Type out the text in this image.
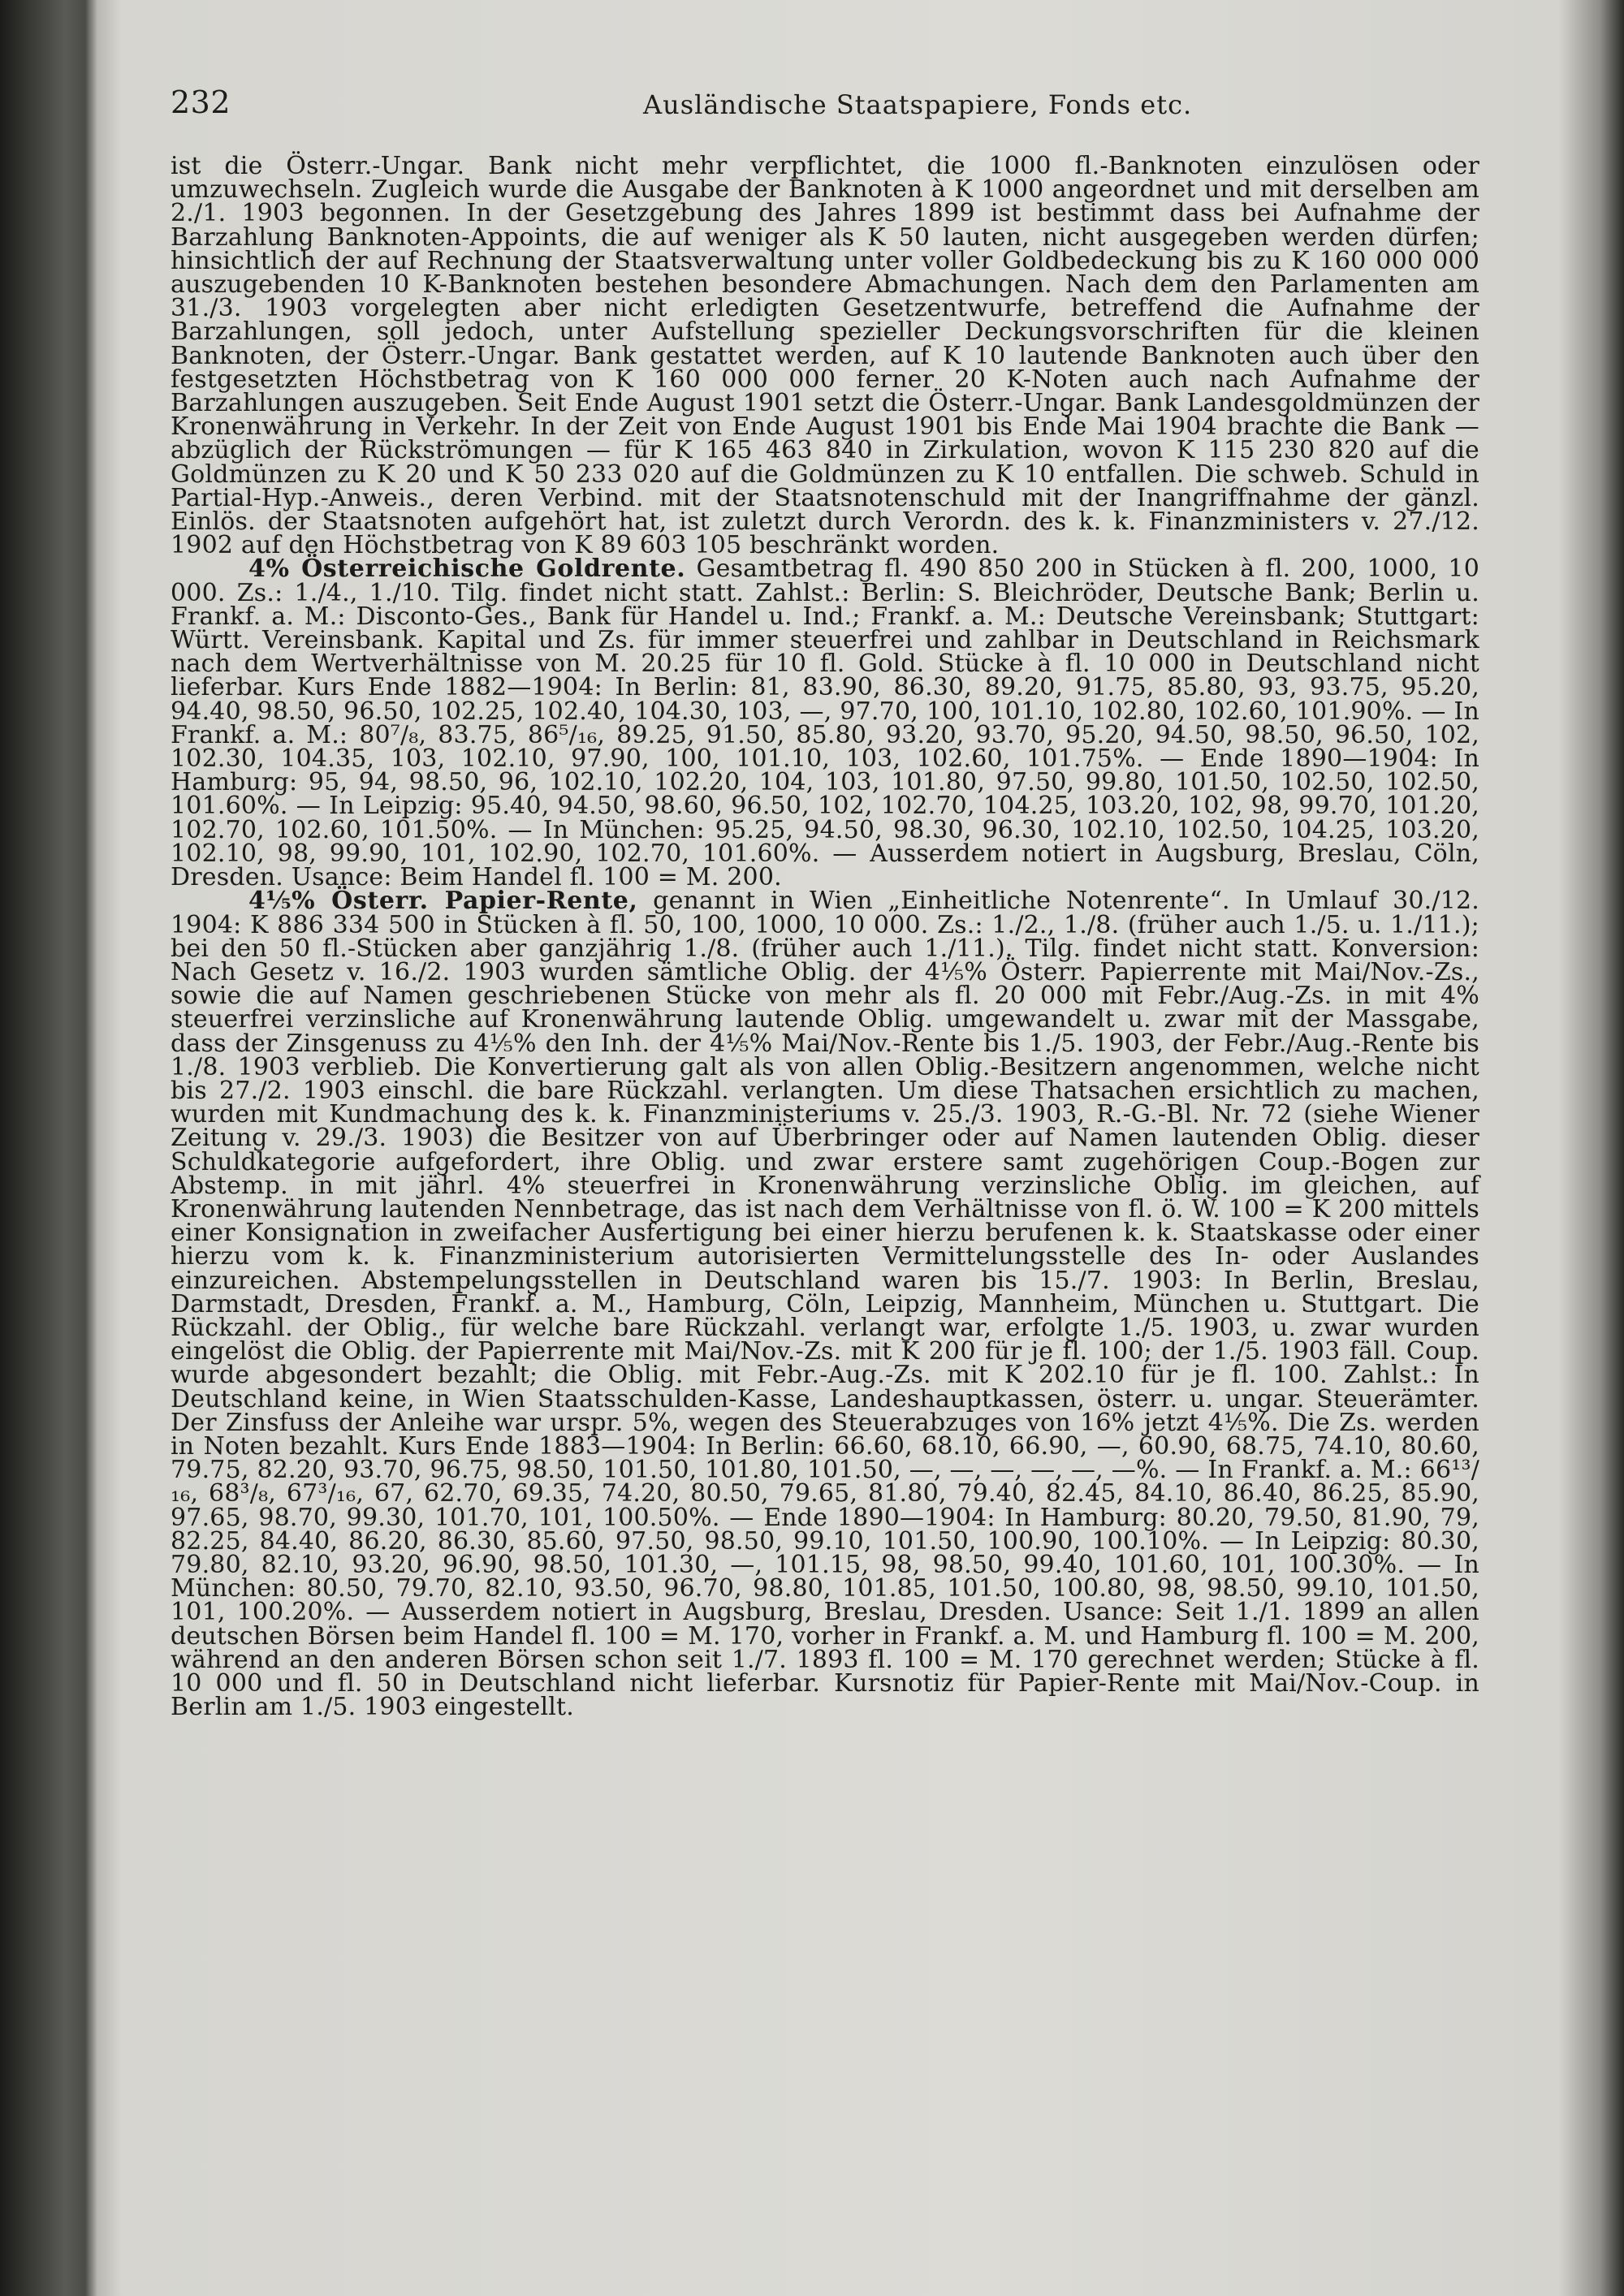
232	Ausländische Staatspapiere, Fonds etc.

ist die Österr.-Ungar. Bank nicht mehr verpflichtet, die 1000 fl.-Banknoten einzulösen oder umzuwechseln. Zugleich wurde die Ausgabe der Banknoten à K 1000 angeordnet und mit derselben am 2./1. 1903 begonnen. In der Gesetzgebung des Jahres 1899 ist bestimmt dass bei Aufnahme der Barzahlung Banknoten-Appoints, die auf weniger als K 50 lauten, nicht ausgegeben werden dürfen; hinsichtlich der auf Rechnung der Staatsverwaltung unter voller Goldbedeckung bis zu K 160 000 000 auszugebenden 10 K-Banknoten bestehen besondere Abmachungen. Nach dem den Parlamenten am 31./3. 1903 vorgelegten aber nicht erledigten Gesetzentwurfe, betreffend die Aufnahme der Barzahlungen, soll jedoch, unter Aufstellung spezieller Deckungsvorschriften für die kleinen Banknoten, der Österr.-Ungar. Bank gestattet werden, auf K 10 lautende Banknoten auch über den festgesetzten Höchstbetrag von K 160 000 000 ferner 20 K-Noten auch nach Aufnahme der Barzahlungen auszugeben. Seit Ende August 1901 setzt die Österr.-Ungar. Bank Landesgoldmünzen der Kronenwährung in Verkehr. In der Zeit von Ende August 1901 bis Ende Mai 1904 brachte die Bank — abzüglich der Rückströmungen — für K 165 463 840 in Zirkulation, wovon K 115 230 820 auf die Goldmünzen zu K 20 und K 50 233 020 auf die Goldmünzen zu K 10 entfallen. Die schweb. Schuld in Partial-Hyp.-Anweis., deren Verbind. mit der Staatsnotenschuld mit der Inangriffnahme der gänzl. Einlös. der Staatsnoten aufgehört hat, ist zuletzt durch Verordn. des k. k. Finanzministers v. 27./12. 1902 auf den Höchstbetrag von K 89 603 105 beschränkt worden.

4% Österreichische Goldrente. Gesamtbetrag fl. 490 850 200 in Stücken à fl. 200, 1000, 10 000. Zs.: 1./4., 1./10. Tilg. findet nicht statt. Zahlst.: Berlin: S. Bleichröder, Deutsche Bank; Berlin u. Frankf. a. M.: Disconto-Ges., Bank für Handel u. Ind.; Frankf. a. M.: Deutsche Vereinsbank; Stuttgart: Württ. Vereinsbank. Kapital und Zs. für immer steuerfrei und zahlbar in Deutschland in Reichsmark nach dem Wertverhältnisse von M. 20.25 für 10 fl. Gold. Stücke à fl. 10 000 in Deutschland nicht lieferbar. Kurs Ende 1882—1904: In Berlin: 81, 83.90, 86.30, 89.20, 91.75, 85.80, 93, 93.75, 95.20, 94.40, 98.50, 96.50, 102.25, 102.40, 104.30, 103, —, 97.70, 100, 101.10, 102.80, 102.60, 101.90%. — In Frankf. a. M.: 80⁷/₈, 83.75, 86⁵/₁₆, 89.25, 91.50, 85.80, 93.20, 93.70, 95.20, 94.50, 98.50, 96.50, 102, 102.30, 104.35, 103, 102.10, 97.90, 100, 101.10, 103, 102.60, 101.75%. — Ende 1890—1904: In Hamburg: 95, 94, 98.50, 96, 102.10, 102.20, 104, 103, 101.80, 97.50, 99.80, 101.50, 102.50, 102.50, 101.60%. — In Leipzig: 95.40, 94.50, 98.60, 96.50, 102, 102.70, 104.25, 103.20, 102, 98, 99.70, 101.20, 102.70, 102.60, 101.50%. — In München: 95.25, 94.50, 98.30, 96.30, 102.10, 102.50, 104.25, 103.20, 102.10, 98, 99.90, 101, 102.90, 102.70, 101.60%. — Ausserdem notiert in Augsburg, Breslau, Cöln, Dresden. Usance: Beim Handel fl. 100 = M. 200.

4⅕% Österr. Papier-Rente, genannt in Wien „Einheitliche Notenrente“. In Umlauf 30./12. 1904: K 886 334 500 in Stücken à fl. 50, 100, 1000, 10 000. Zs.: 1./2., 1./8. (früher auch 1./5. u. 1./11.); bei den 50 fl.-Stücken aber ganzjährig 1./8. (früher auch 1./11.). Tilg. findet nicht statt. Konversion: Nach Gesetz v. 16./2. 1903 wurden sämtliche Oblig. der 4⅕% Österr. Papierrente mit Mai/Nov.-Zs., sowie die auf Namen geschriebenen Stücke von mehr als fl. 20 000 mit Febr./Aug.-Zs. in mit 4% steuerfrei verzinsliche auf Kronenwährung lautende Oblig. umgewandelt u. zwar mit der Massgabe, dass der Zinsgenuss zu 4⅕% den Inh. der 4⅕% Mai/Nov.-Rente bis 1./5. 1903, der Febr./Aug.-Rente bis 1./8. 1903 verblieb. Die Konvertierung galt als von allen Oblig.-Besitzern angenommen, welche nicht bis 27./2. 1903 einschl. die bare Rückzahl. verlangten. Um diese Thatsachen ersichtlich zu machen, wurden mit Kundmachung des k. k. Finanzministeriums v. 25./3. 1903, R.-G.-Bl. Nr. 72 (siehe Wiener Zeitung v. 29./3. 1903) die Besitzer von auf Überbringer oder auf Namen lautenden Oblig. dieser Schuldkategorie aufgefordert, ihre Oblig. und zwar erstere samt zugehörigen Coup.-Bogen zur Abstemp. in mit jährl. 4% steuerfrei in Kronenwährung verzinsliche Oblig. im gleichen, auf Kronenwährung lautenden Nennbetrage, das ist nach dem Verhältnisse von fl. ö. W. 100 = K 200 mittels einer Konsignation in zweifacher Ausfertigung bei einer hierzu berufenen k. k. Staatskasse oder einer hierzu vom k. k. Finanzministerium autorisierten Vermittelungsstelle des In- oder Auslandes einzureichen. Abstempelungsstellen in Deutschland waren bis 15./7. 1903: In Berlin, Breslau, Darmstadt, Dresden, Frankf. a. M., Hamburg, Cöln, Leipzig, Mannheim, München u. Stuttgart. Die Rückzahl. der Oblig., für welche bare Rückzahl. verlangt war, erfolgte 1./5. 1903, u. zwar wurden eingelöst die Oblig. der Papierrente mit Mai/Nov.-Zs. mit K 200 für je fl. 100; der 1./5. 1903 fäll. Coup. wurde abgesondert bezahlt; die Oblig. mit Febr.-Aug.-Zs. mit K 202.10 für je fl. 100. Zahlst.: In Deutschland keine, in Wien Staatsschulden-Kasse, Landeshauptkassen, österr. u. ungar. Steuerämter. Der Zinsfuss der Anleihe war urspr. 5%, wegen des Steuerabzuges von 16% jetzt 4⅕%. Die Zs. werden in Noten bezahlt. Kurs Ende 1883—1904: In Berlin: 66.60, 68.10, 66.90, —, 60.90, 68.75, 74.10, 80.60, 79.75, 82.20, 93.70, 96.75, 98.50, 101.50, 101.80, 101.50, —, —, —, —, —, —%. — In Frankf. a. M.: 66¹³/₁₆, 68³/₈, 67³/₁₆, 67, 62.70, 69.35, 74.20, 80.50, 79.65, 81.80, 79.40, 82.45, 84.10, 86.40, 86.25, 85.90, 97.65, 98.70, 99.30, 101.70, 101, 100.50%. — Ende 1890—1904: In Hamburg: 80.20, 79.50, 81.90, 79, 82.25, 84.40, 86.20, 86.30, 85.60, 97.50, 98.50, 99.10, 101.50, 100.90, 100.10%. — In Leipzig: 80.30, 79.80, 82.10, 93.20, 96.90, 98.50, 101.30, —, 101.15, 98, 98.50, 99.40, 101.60, 101, 100.30%. — In München: 80.50, 79.70, 82.10, 93.50, 96.70, 98.80, 101.85, 101.50, 100.80, 98, 98.50, 99.10, 101.50, 101, 100.20%. — Ausserdem notiert in Augsburg, Breslau, Dresden. Usance: Seit 1./1. 1899 an allen deutschen Börsen beim Handel fl. 100 = M. 170, vorher in Frankf. a. M. und Hamburg fl. 100 = M. 200, während an den anderen Börsen schon seit 1./7. 1893 fl. 100 = M. 170 gerechnet werden; Stücke à fl. 10 000 und fl. 50 in Deutschland nicht lieferbar. Kursnotiz für Papier-Rente mit Mai/Nov.-Coup. in Berlin am 1./5. 1903 eingestellt.
